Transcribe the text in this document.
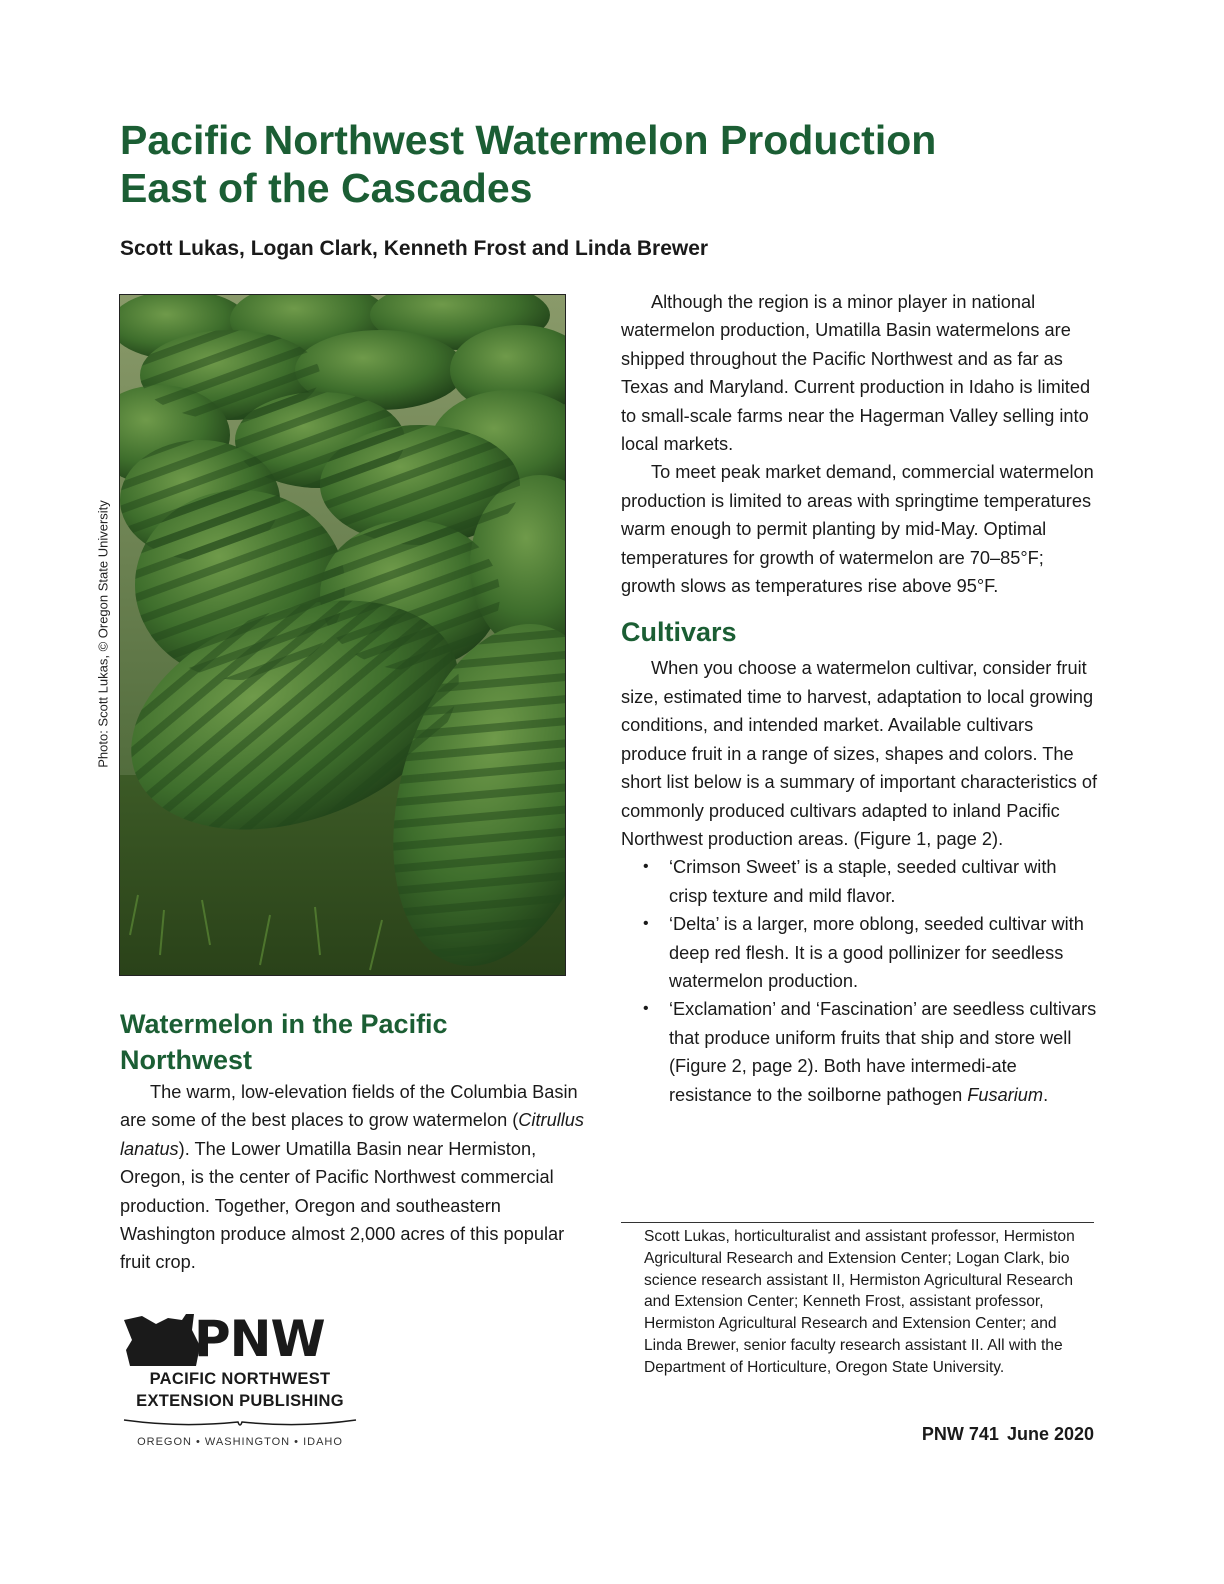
Pacific Northwest Watermelon Production
East of the Cascades

Scott Lukas, Logan Clark, Kenneth Frost and Linda Brewer

Photo: Scott Lukas, © Oregon State University
Watermelon in the Pacific
Northwest

The warm, low-elevation fields of the Columbia Basin are some of the best places to grow watermelon (Citrullus lanatus). The Lower Umatilla Basin near Hermiston, Oregon, is the center of Pacific Northwest commercial production. Together, Oregon and southeastern Washington produce almost 2,000 acres of this popular fruit crop.

Although the region is a minor player in national watermelon production, Umatilla Basin watermelons are shipped throughout the Pacific Northwest and as far as Texas and Maryland. Current production in Idaho is limited to small-scale farms near the Hagerman Valley selling into local markets.

To meet peak market demand, commercial watermelon production is limited to areas with springtime temperatures warm enough to permit planting by mid-May. Optimal temperatures for growth of watermelon are 70–85°F; growth slows as temperatures rise above 95°F.

Cultivars

When you choose a watermelon cultivar, consider fruit size, estimated time to harvest, adaptation to local growing conditions, and intended market. Available cultivars produce fruit in a range of sizes, shapes and colors. The short list below is a summary of important characteristics of commonly produced cultivars adapted to inland Pacific Northwest production areas. (Figure 1, page 2).

• ‘Crimson Sweet’ is a staple, seeded cultivar with crisp texture and mild flavor.
• ‘Delta’ is a larger, more oblong, seeded cultivar with deep red flesh. It is a good pollinizer for seedless watermelon production.
• ‘Exclamation’ and ‘Fascination’ are seedless cultivars that produce uniform fruits that ship and store well (Figure 2, page 2). Both have intermedi-ate resistance to the soilborne pathogen Fusarium.

Scott Lukas, horticulturalist and assistant professor, Hermiston Agricultural Research and Extension Center; Logan Clark, bio science research assistant II, Hermiston Agricultural Research and Extension Center; Kenneth Frost, assistant professor, Hermiston Agricultural Research and Extension Center; and Linda Brewer, senior faculty research assistant II. All with the Department of Horticulture, Oregon State University.

PNW 741 June 2020
PNW
PACIFIC NORTHWEST
EXTENSION PUBLISHING
OREGON • WASHINGTON • IDAHO
